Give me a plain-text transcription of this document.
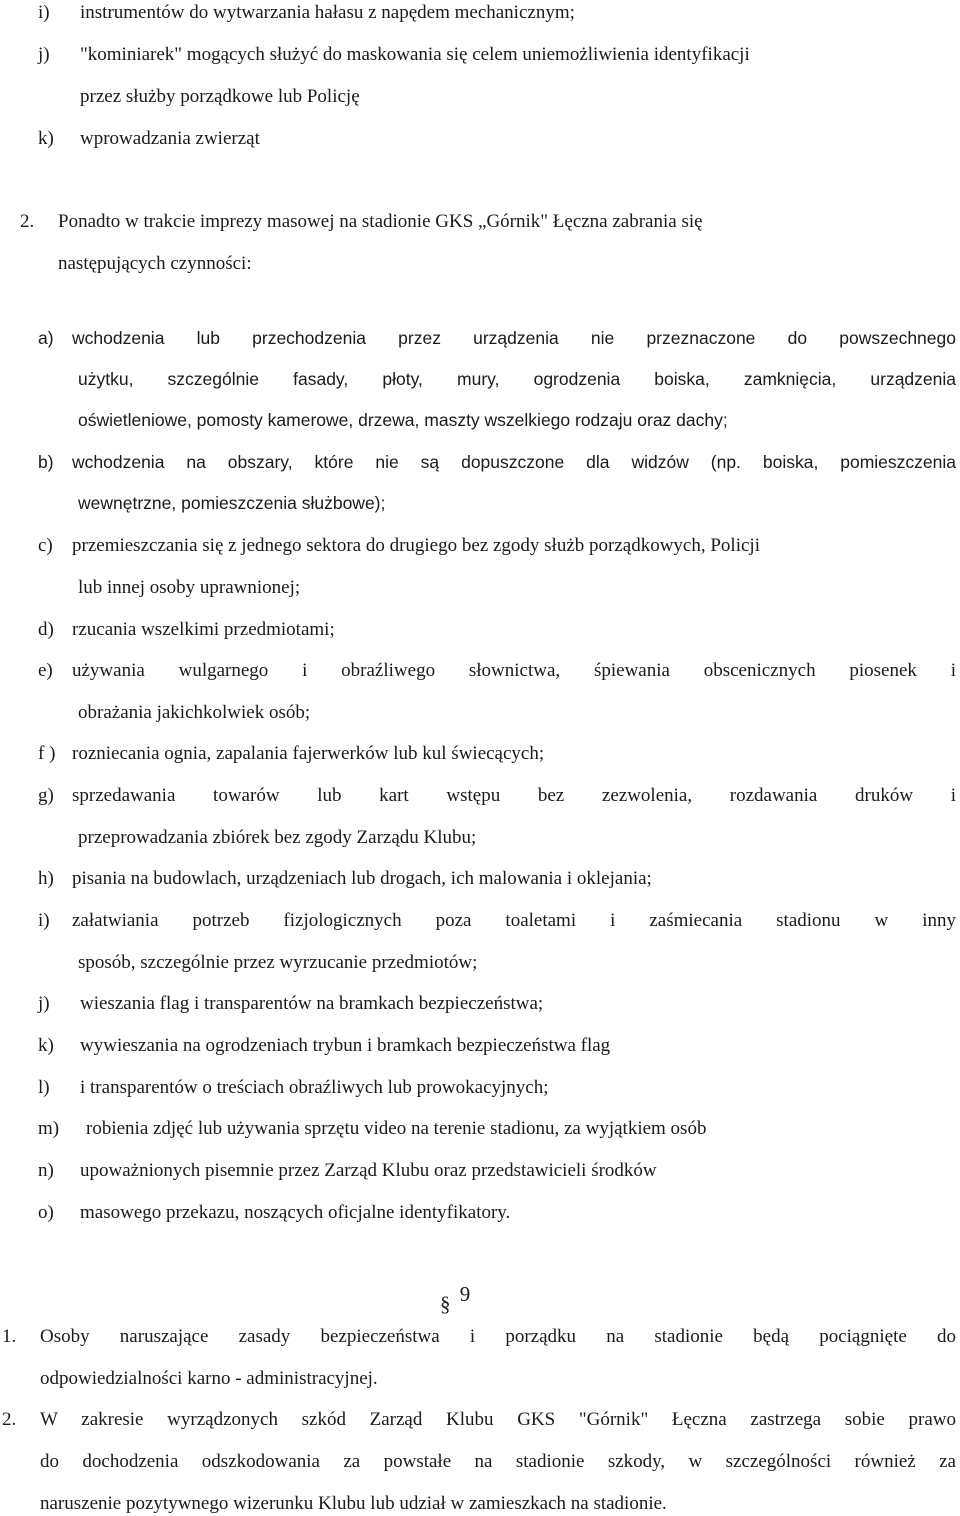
i) instrumentów do wytwarzania hałasu z napędem mechanicznym;
j) "kominiarek" mogących służyć do maskowania się celem uniemożliwienia identyfikacji
przez służby porządkowe lub Policję
k) wprowadzania zwierząt
2. Ponadto w trakcie imprezy masowej na stadionie GKS „Górnik" Łęczna zabrania się
następujących czynności:
a) wchodzenia lub przechodzenia przez urządzenia nie przeznaczone do powszechnego
użytku, szczególnie fasady, płoty, mury, ogrodzenia boiska, zamknięcia, urządzenia
oświetleniowe, pomosty kamerowe, drzewa, maszty wszelkiego rodzaju oraz dachy;
b) wchodzenia na obszary, które nie są dopuszczone dla widzów (np. boiska, pomieszczenia
wewnętrzne, pomieszczenia służbowe);
c) przemieszczania się z jednego sektora do drugiego bez zgody służb porządkowych, Policji
lub innej osoby uprawnionej;
d) rzucania wszelkimi przedmiotami;
e) używania wulgarnego i obraźliwego słownictwa, śpiewania obscenicznych piosenek i
obrażania jakichkolwiek osób;
f ) rozniecania ognia, zapalania fajerwerków lub kul świecących;
g) sprzedawania towarów lub kart wstępu bez zezwolenia, rozdawania druków i
przeprowadzania zbiórek bez zgody Zarządu Klubu;
h) pisania na budowlach, urządzeniach lub drogach, ich malowania i oklejania;
i) załatwiania potrzeb fizjologicznych poza toaletami i zaśmiecania stadionu w inny
sposób, szczególnie przez wyrzucanie przedmiotów;
j) wieszania flag i transparentów na bramkach bezpieczeństwa;
k) wywieszania na ogrodzeniach trybun i bramkach bezpieczeństwa flag
l) i transparentów o treściach obraźliwych lub prowokacyjnych;
m) robienia zdjęć lub używania sprzętu video na terenie stadionu, za wyjątkiem osób
n) upoważnionych pisemnie przez Zarząd Klubu oraz przedstawicieli środków
o) masowego przekazu, noszących oficjalne identyfikatory.
§ 9
1. Osoby naruszające zasady bezpieczeństwa i porządku na stadionie będą pociągnięte do
odpowiedzialności karno - administracyjnej.
2. W zakresie wyrządzonych szkód Zarząd Klubu GKS "Górnik" Łęczna zastrzega sobie prawo
do dochodzenia odszkodowania za powstałe na stadionie szkody, w szczególności również za
naruszenie pozytywnego wizerunku Klubu lub udział w zamieszkach na stadionie.
